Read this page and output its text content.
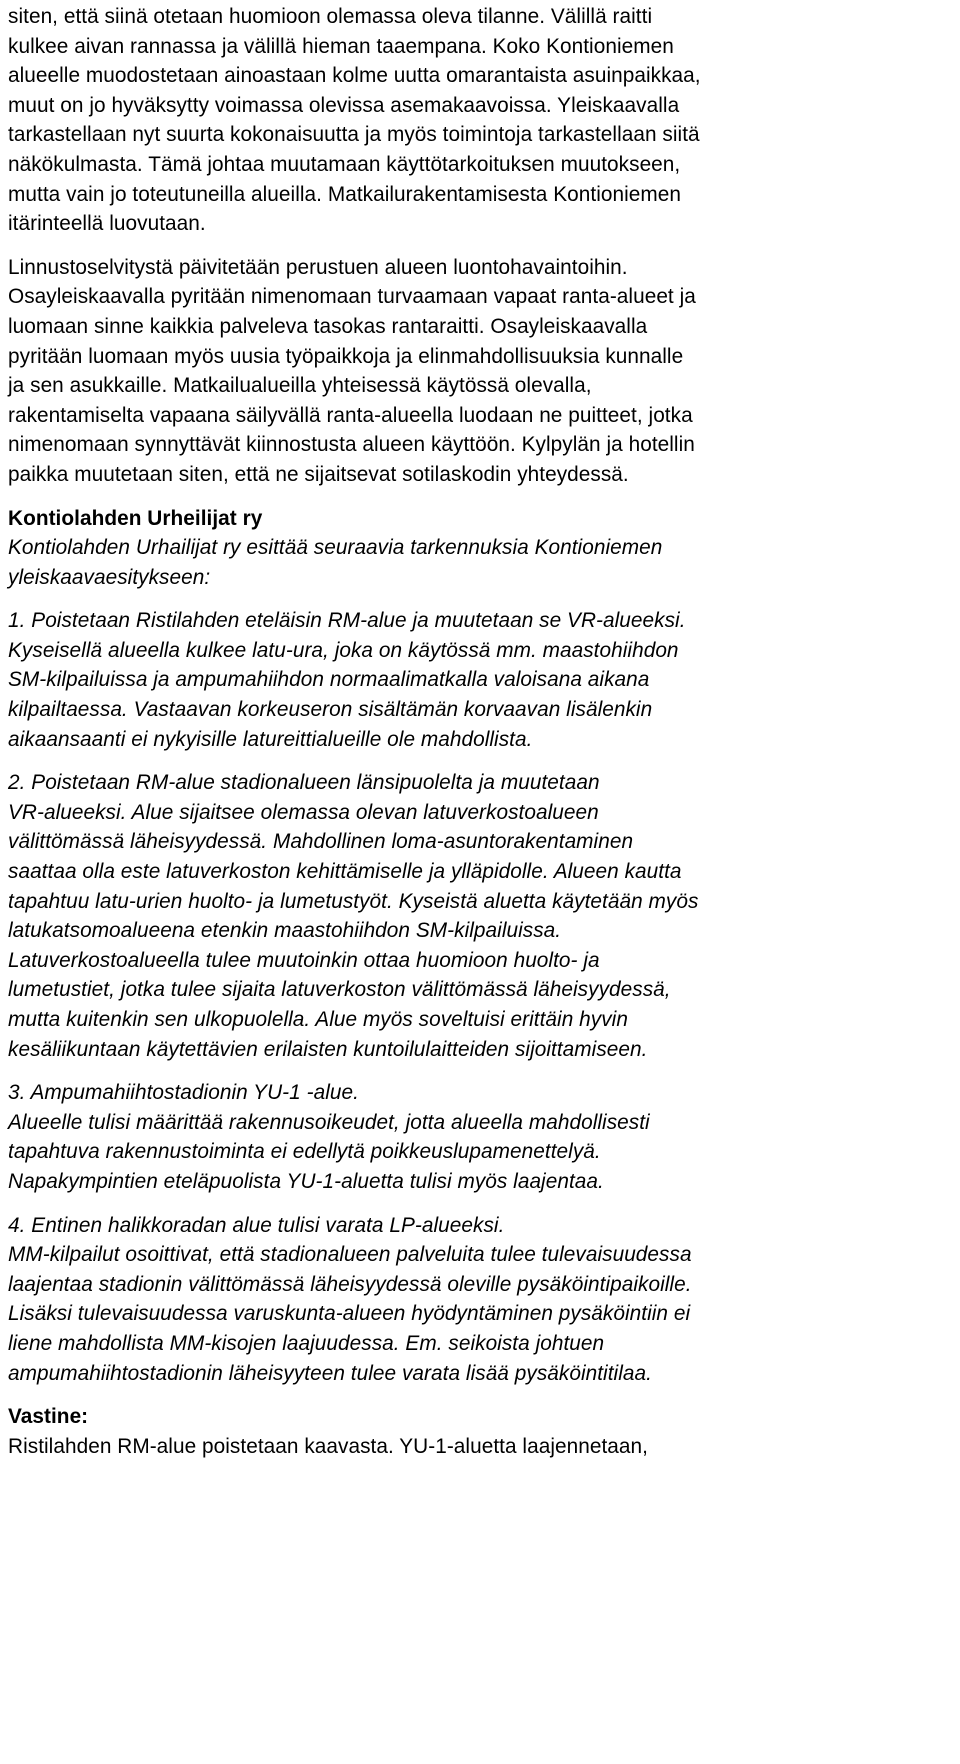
siten, että siinä otetaan huomioon olemassa oleva tilanne. Välillä raitti
kulkee aivan rannassa ja välillä hieman taaempana. Koko Kontioniemen
alueelle muodostetaan ainoastaan kolme uutta omarantaista asuinpaikkaa,
muut on jo hyväksytty voimassa olevissa asemakaavoissa. Yleiskaavalla
tarkastellaan nyt suurta kokonaisuutta ja myös toimintoja tarkastellaan siitä
näkökulmasta. Tämä johtaa muutamaan käyttötarkoituksen muutokseen,
mutta vain jo toteutuneilla alueilla. Matkailurakentamisesta Kontioniemen
itärinteellä luovutaan.
Linnustoselvitystä päivitetään perustuen alueen luontohavaintoihin.
Osayleiskaavalla pyritään nimenomaan turvaamaan vapaat ranta-alueet ja
luomaan sinne kaikkia palveleva tasokas rantaraitti. Osayleiskaavalla
pyritään luomaan myös uusia työpaikkoja ja elinmahdollisuuksia kunnalle
ja sen asukkaille. Matkailualueilla yhteisessä käytössä olevalla,
rakentamiselta vapaana säilyvällä ranta-alueella luodaan ne puitteet, jotka
nimenomaan synnyttävät kiinnostusta alueen käyttöön. Kylpylän ja hotellin
paikka muutetaan siten, että ne sijaitsevat sotilaskodin yhteydessä.
Kontiolahden Urheilijat ry
Kontiolahden Urhailijat ry esittää seuraavia tarkennuksia Kontioniemen
yleiskaavaesitykseen:
1. Poistetaan Ristilahden eteläisin RM-alue ja muutetaan se VR-alueeksi.
Kyseisellä alueella kulkee latu-ura, joka on käytössä mm. maastohiihdon
SM-kilpailuissa ja ampumahiihdon normaalimatkalla valoisana aikana
kilpailtaessa. Vastaavan korkeuseron sisältämän korvaavan lisälenkin
aikaansaanti ei nykyisille latureittialueille ole mahdollista.
2. Poistetaan RM-alue stadionalueen länsipuolelta ja muutetaan
VR-alueeksi. Alue sijaitsee olemassa olevan latuverkostoalueen
välittömässä läheisyydessä. Mahdollinen loma-asuntorakentaminen
saattaa olla este latuverkoston kehittämiselle ja ylläpidolle. Alueen kautta
tapahtuu latu-urien huolto- ja lumetustyöt. Kyseistä aluetta käytetään myös
latukatsomoalueena etenkin maastohiihdon SM-kilpailuissa.
Latuverkostoalueella tulee muutoinkin ottaa huomioon huolto- ja
lumetustiet, jotka tulee sijaita latuverkoston välittömässä läheisyydessä,
mutta kuitenkin sen ulkopuolella. Alue myös soveltuisi erittäin hyvin
kesäliikuntaan käytettävien erilaisten kuntoilulaitteiden sijoittamiseen.
3. Ampumahiihtostadionin YU-1 -alue.
Alueelle tulisi määrittää rakennusoikeudet, jotta alueella mahdollisesti
tapahtuva rakennustoiminta ei edellytä poikkeuslupamenettelyä.
Napakympintien eteläpuolista YU-1-aluetta tulisi myös laajentaa.
4. Entinen halikkoradan alue tulisi varata LP-alueeksi.
MM-kilpailut osoittivat, että stadionalueen palveluita tulee tulevaisuudessa
laajentaa stadionin välittömässä läheisyydessä oleville pysäköintipaikoille.
Lisäksi tulevaisuudessa varuskunta-alueen hyödyntäminen pysäköintiin ei
liene mahdollista MM-kisojen laajuudessa. Em. seikoista johtuen
ampumahiihtostadionin läheisyyteen tulee varata lisää pysäköintitilaa.
Vastine:
Ristilahden RM-alue poistetaan kaavasta. YU-1-aluetta laajennetaan,
